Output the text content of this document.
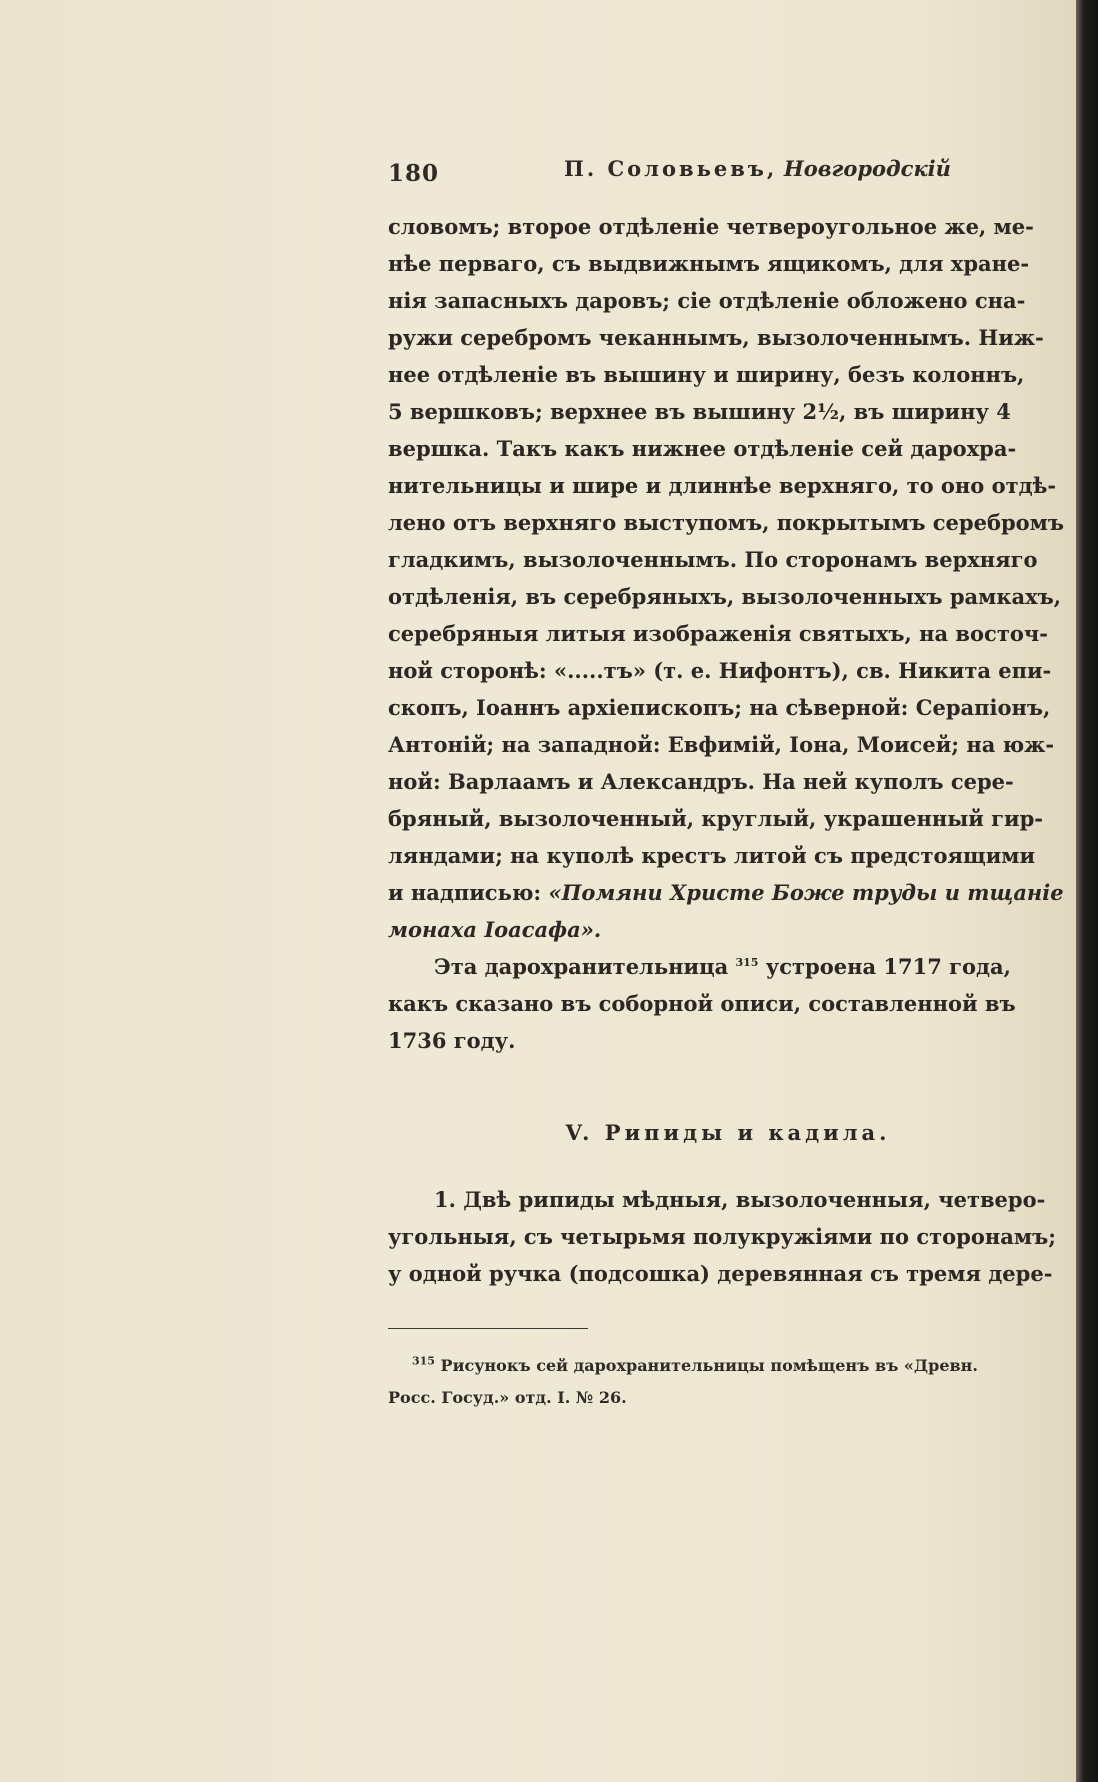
180	П. Соловьевъ, Новгородскій
словомъ; второе отдѣленіе четвероугольное же, ме-
нѣе перваго, съ выдвижнымъ ящикомъ, для хране-
нія запасныхъ даровъ; сіе отдѣленіе обложено сна-
ружи серебромъ чеканнымъ, вызолоченнымъ. Ниж-
нее отдѣленіе въ вышину и ширину, безъ колоннъ,
5 вершковъ; верхнее въ вышину 2½, въ ширину 4
вершка. Такъ какъ нижнее отдѣленіе сей дарохра-
нительницы и шире и длиннѣе верхняго, то оно отдѣ-
лено отъ верхняго выступомъ, покрытымъ серебромъ
гладкимъ, вызолоченнымъ. По сторонамъ верхняго
отдѣленія, въ серебряныхъ, вызолоченныхъ рамкахъ,
серебряныя литыя изображенія святыхъ, на восточ-
ной сторонѣ: «.....тъ» (т. е. Нифонтъ), св. Никита епи-
скопъ, Іоаннъ архіепископъ; на сѣверной: Серапіонъ,
Антоній; на западной: Евфимій, Іона, Моисей; на юж-
ной: Варлаамъ и Александръ. На ней куполъ сере-
бряный, вызолоченный, круглый, украшенный гир-
ляндами; на куполѣ крестъ литой съ предстоящими
и надписью: «Помяни Христе Боже труды и тщаніе
монаха Іоасафа».
Эта дарохранительница $^{315}$ устроена 1717 года,
какъ сказано въ соборной описи, составленной въ
1736 году.
V. Рипиды и кадила.
1. Двѣ рипиды мѣдныя, вызолоченныя, четверо-
угольныя, съ четырьмя полукружіями по сторонамъ;
у одной ручка (подсошка) деревянная съ тремя дере-
$^{315}$ Рисунокъ сей дарохранительницы помѣщенъ въ «Древн.
Росс. Госуд.» отд. I. № 26.
